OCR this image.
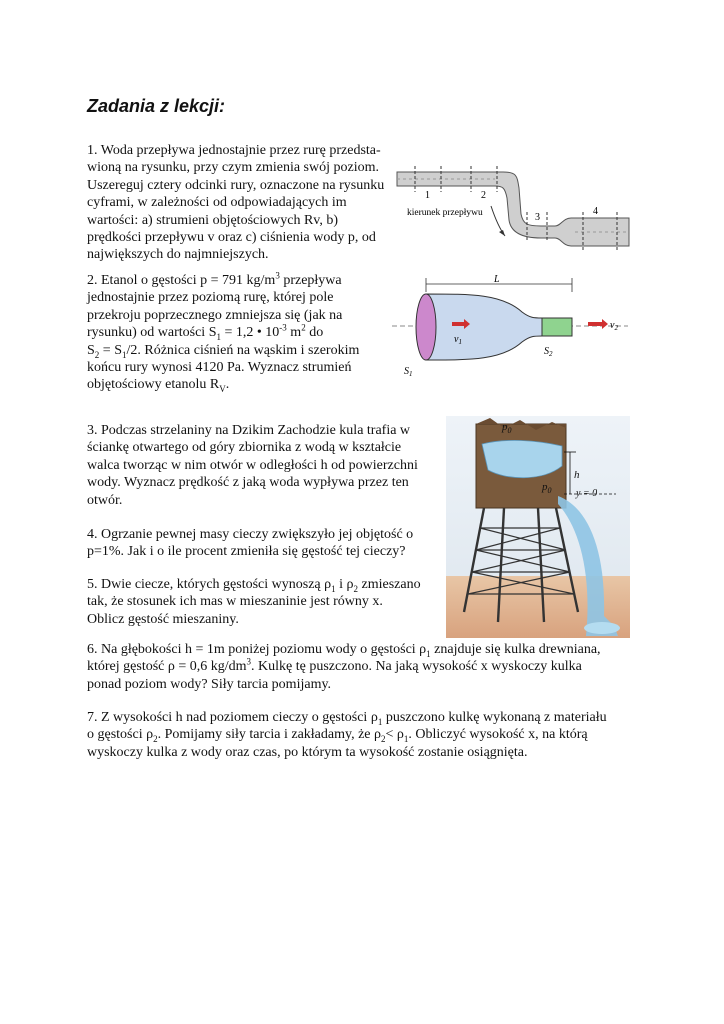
Zadania z lekcji:
1. Woda przepływa jednostajnie przez rurę przedsta-
wioną na rysunku, przy czym zmienia swój poziom.
Uszereguj cztery odcinki rury, oznaczone na rysunku
cyframi, w zależności od odpowiadających im
wartości: a) strumieni objętościowych Rv, b)
prędkości przepływu v oraz c) ciśnienia wody p, od
największych do najmniejszych.
1	2
3
4
kierunek przepływu
2. Etanol o gęstości p = 791 $kg/m^3$ przepływa
jednostajnie przez poziomą rurę, której pole
przekroju poprzecznego zmniejsza się (jak na
rysunku) od wartości $S_1 = 1,2$ • $10^{-3}$ $m^2$ do
$S_2 = S_1/2$. Różnica ciśnień na wąskim i szerokim
końcu rury wynosi 4120 Pa. Wyznacz strumień
objętościowy etanolu $R_V$.
L
$v_1$
$v_2$
$S_1$
$S_2$
3. Podczas strzelaniny na Dzikim Zachodzie kula trafia w
ściankę otwartego od góry zbiornika z wodą w kształcie
walca tworząc w nim otwór w odległości h od powierzchni
wody. Wyznacz prędkość z jaką woda wypływa przez ten
otwór.
$p_0$
$p_0$
h
y = 0
4. Ogrzanie pewnej masy cieczy zwiększyło jej objętość o
p=1%. Jak i o ile procent zmieniła się gęstość tej cieczy?
5. Dwie ciecze, których gęstości wynoszą $\rho_1$ i $\rho_2$ zmieszano
tak, że stosunek ich mas w mieszaninie jest równy x.
Oblicz gęstość mieszaniny.
6. Na głębokości h = 1m poniżej poziomu wody o gęstości $\rho_1$ znajduje się kulka drewniana,
której gęstość ρ = 0,6 $kg/dm^3$. Kulkę tę puszczono. Na jaką wysokość x wyskoczy kulka
ponad poziom wody? Siły tarcia pomijamy.
7. Z wysokości h nad poziomem cieczy o gęstości $\rho_1$ puszczono kulkę wykonaną z materiału
o gęstości $\rho_2$. Pomijamy siły tarcia i zakładamy, że $\rho_2< \rho_1$. Obliczyć wysokość x, na którą
wyskoczy kulka z wody oraz czas, po którym ta wysokość zostanie osiągnięta.
